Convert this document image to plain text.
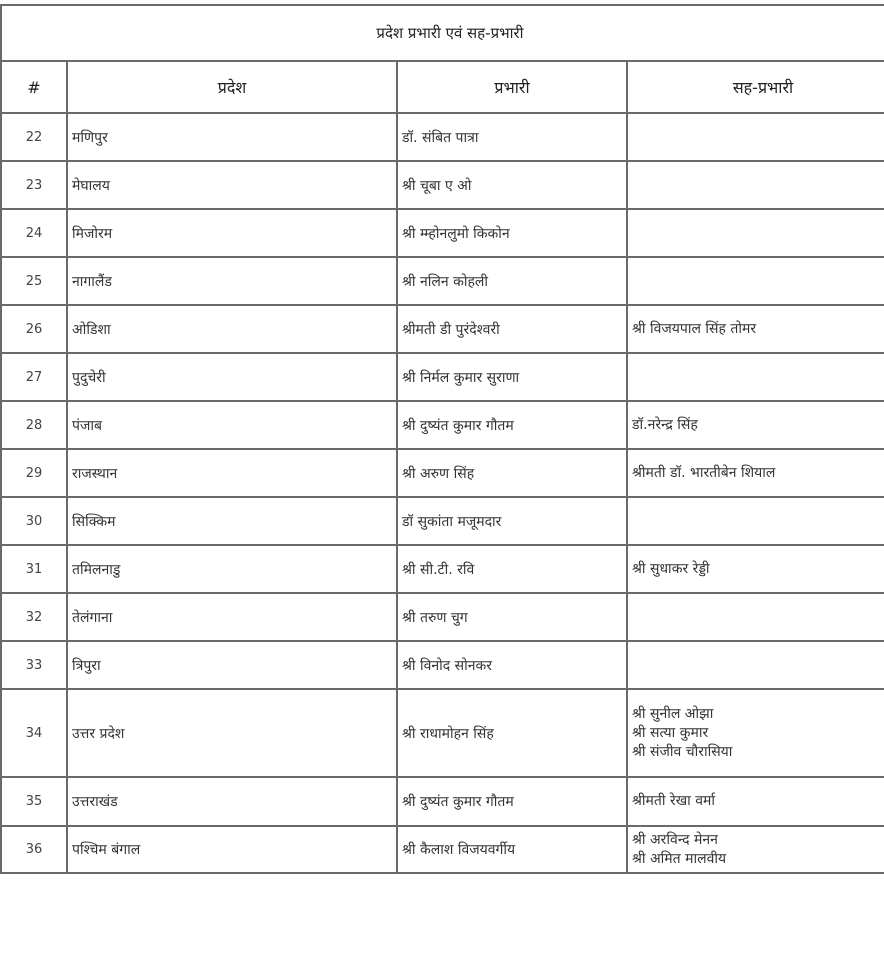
प्रदेश प्रभारी एवं सह-प्रभारी			
#	प्रदेश	प्रभारी	सह-प्रभारी
22	मणिपुर	डॉ. संबित पात्रा	
23	मेघालय	श्री चूबा ए ओ	
24	मिजोरम	श्री म्म्होनलुमो किकोन	
25	नागालैंड	श्री नलिन कोहली	
26	ओडिशा	श्रीमती डी पुरंदेश्वरी	श्री विजयपाल सिंह तोमर

27	पुदुचेरी	श्री निर्मल कुमार सुराणा	
28	पंजाब	श्री दुष्यंत कुमार गौतम	डॉ.नरेन्द्र सिंह

29	राजस्थान	श्री अरुण सिंह	श्रीमती डॉ. भारतीबेन शियाल

30	सिक्किम	डॉ सुकांता मजूमदार	
31	तमिलनाडु	श्री सी.टी. रवि	श्री सुधाकर रेड्डी

32	तेलंगाना	श्री तरुण चुग	
33	त्रिपुरा	श्री विनोद सोनकर	
34	उत्तर प्रदेश	श्री राधामोहन सिंह	श्री सुनील ओझा
श्री सत्या कुमार
श्री संजीव चौरासिया

35	उत्तराखंड	श्री दुष्यंत कुमार गौतम	श्रीमती रेखा वर्मा

36	पश्चिम बंगाल	श्री कैलाश विजयवर्गीय	श्री अरविन्द मेनन
श्री अमित मालवीय
